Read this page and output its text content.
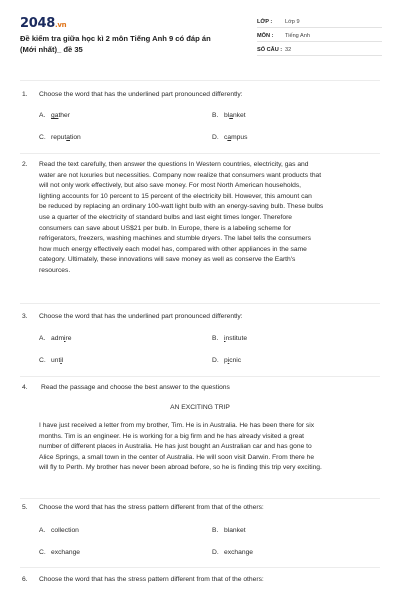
2048.vn
Đề kiểm tra giữa học kì 2 môn Tiếng Anh 9 có đáp án (Mới nhất)_ đề 35
LỚP :	Lớp 9
MÔN :	Tiếng Anh
SỐ CÂU : 32
1. Choose the word that has the underlined part pronounced differently:
A. gather	B. blanket
C. reputation	D. campus
2. Read the text carefully, then answer the questions In Western countries, electricity, gas and
water are not luxuries but necessities. Company now realize that consumers want products that
will not only work effectively, but also save money. For most North American households,
lighting accounts for 10 percent to 15 percent of the electricity bill. However, this amount can
be reduced by replacing an ordinary 100-watt light bulb with an energy-saving bulb. These bulbs
use a quarter of the electricity of standard bulbs and last eight times longer. Therefore
consumers can save about US$21 per bulb. In Europe, there is a labeling scheme for
refrigerators, freezers, washing machines and stumble dryers. The label tells the consumers
how much energy effectively each model has, compared with other appliances in the same
category. Ultimately, these innovations will save money as well as conserve the Earth's
resources.
3. Choose the word that has the underlined part pronounced differently:
A. admire	B. institute
C. until	D. picnic
4. Read the passage and choose the best answer to the questions
AN EXCITING TRIP
I have just received a letter from my brother, Tim. He is in Australia. He has been there for six
months. Tim is an engineer. He is working for a big firm and he has already visited a great
number of different places in Australia. He has just bought an Australian car and has gone to
Alice Springs, a small town in the center of Australia. He will soon visit Darwin. From there he
will fly to Perth. My brother has never been abroad before, so he is finding this trip very exciting.
5. Choose the word that has the stress pattern different from that of the others:
A. collection	B. blanket
C. exchange	D. exchange
6. Choose the word that has the stress pattern different from that of the others:
